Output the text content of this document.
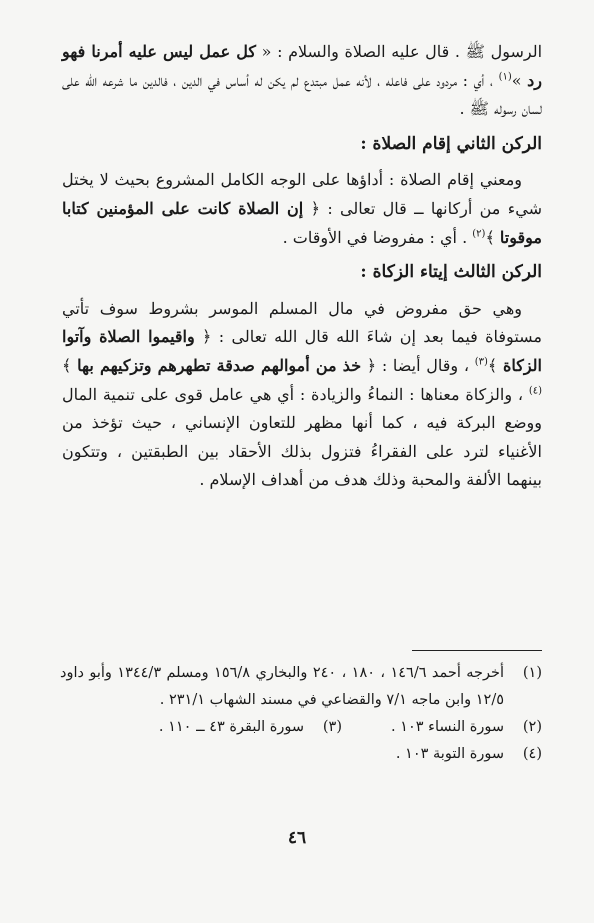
الرسول ﷺ . قال عليه الصلاة والسلام : « كل عمل ليس عليه أمرنا فهو رد »$^{(١)}$ ، أي : مردود على فاعله ، لأنه عمل مبتدع لم يكن له أساس في الدين ، فالدين ما شرعه الله على لسان رسوله ﷺ .

الركن الثاني إقام الصلاة :

ومعني إقام الصلاة : أداؤها على الوجه الكامل المشروع بحيث لا يختل شيء من أركانها ــ قال تعالى : ﴿ إن الصلاة كانت على المؤمنين كتابا موقوتا ﴾$^{(٢)}$ . أي : مفروضا في الأوقات .

الركن الثالث إيتاء الزكاة :

وهي حق مفروض في مال المسلم الموسر بشروط سوف تأتي مستوفاة فيما بعد إن شاءَ الله قال الله تعالى : ﴿ واقيموا الصلاة وآتوا الزكاة ﴾$^{(٣)}$ ، وقال أيضا : ﴿ خذ من أموالهم صدقة تطهرهم وتزكيهم بها ﴾$^{(٤)}$ ، والزكاة معناها : النماءُ والزيادة : أي هي عامل قوى على تنمية المال ووضع البركة فيه ، كما أنها مظهر للتعاون الإنساني ، حيث تؤخذ من الأغنياء لترد على الفقراءُ فتزول بذلك الأحقاد بين الطبقتين ، وتتكون بينهما الألفة والمحبة وذلك هدف من أهداف الإسلام .

(١)
أخرجه أحمد ١٤٦/٦ ، ١٨٠ ، ٢٤٠ والبخاري ١٥٦/٨ ومسلم ١٣٤٤/٣ وأبو داود ١٢/٥ وابن ماجه ٧/١ والقضاعي في مسند الشهاب ٢٣١/١ .
(٢)
سورة النساء ١٠٣ .
(٣)
سورة البقرة ٤٣ ــ ١١٠ .
(٤)
سورة التوبة ١٠٣ .
٤٦
